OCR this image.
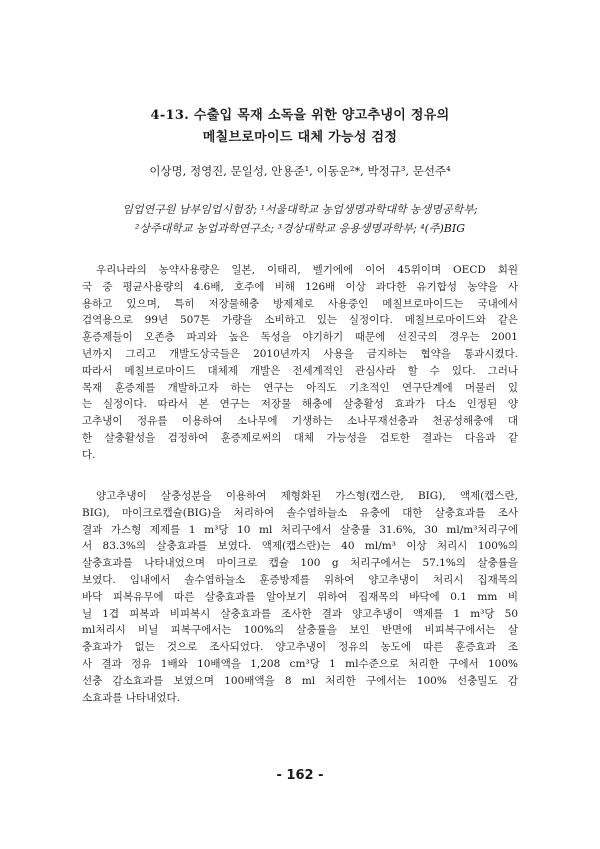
4-13. 수출입 목재 소독을 위한 양고추냉이 정유의
메칠브로마이드 대체 가능성 검정
이상명, 정영진, 문일성, 안용준¹, 이동운²*, 박정규³, 문선주⁴
임업연구원 남부임업시험장; ¹서울대학교 농업생명과학대학 농생명공학부;
²상주대학교 농업과학연구소; ³경상대학교 응용생명과학부; ⁴(주)BIG
우리나라의 농약사용량은 일본, 이태리, 벨기에에 이어 45위이며 OECD 회원
국 중 평균사용량의 4.6배, 호주에 비해 126배 이상 과다한 유기합성 농약을 사
용하고 있으며, 특히 저장물해충 방제제로 사용중인 메칠브로마이드는 국내에서
검역용으로 99년 507톤 가량을 소비하고 있는 실정이다. 메칠브로마이드와 같은
훈증제들이 오존층 파괴와 높은 독성을 야기하기 때문에 선진국의 경우는 2001
년까지 그리고 개발도상국들은 2010년까지 사용을 금지하는 협약을 통과시켰다.
따라서 메칠브로마이드 대체제 개발은 전세계적인 관심사라 할 수 있다. 그러나
목재 훈증제를 개발하고자 하는 연구는 아직도 기초적인 연구단계에 머물러 있
는 실정이다. 따라서 본 연구는 저장물 해충에 살충활성 효과가 다소 인정된 양
고추냉이 정유를 이용하여 소나무에 기생하는 소나무재선충과 천공성해충에 대
한 살충활성을 검정하여 훈증제로써의 대체 가능성을 검토한 결과는 다음과 같
다.
양고추냉이 살충성분을 이용하여 제형화된 가스형(캡스란, BIG), 액제(캡스란,
BIG), 마이크로캡슐(BIG)을 처리하여 솔수염하늘소 유충에 대한 살충효과를 조사
결과 가스형 제제를 1 m³당 10 ml 처리구에서 살충률 31.6%, 30 ml/m³처리구에
서 83.3%의 살충효과를 보였다. 액제(캡스란)는 40 ml/m³ 이상 처리시 100%의
살충효과를 나타내었으며 마이크로 캡슐 100 g 처리구에서는 57.1%의 살충률을
보였다. 임내에서 솔수염하늘소 훈증방제를 위하여 양고추냉이 처리시 집재목의
바닥 피복유무에 따른 살충효과를 알아보기 위하여 집재목의 바닥에 0.1 mm 비
닐 1겹 피복과 비피복시 살충효과를 조사한 결과 양고추냉이 액제를 1 m³당 50
ml처리시 비닐 피복구에서는 100%의 살충률을 보인 반면에 비피복구에서는 살
충효과가 없는 것으로 조사되었다. 양고추냉이 정유의 농도에 따른 훈증효과 조
사 결과 정유 1배와 10배액을 1,208 cm³당 1 ml수준으로 처리한 구에서 100%
선충 감소효과를 보였으며 100배액을 8 ml 처리한 구에서는 100% 선충밀도 감
소효과를 나타내었다.
- 162 -
